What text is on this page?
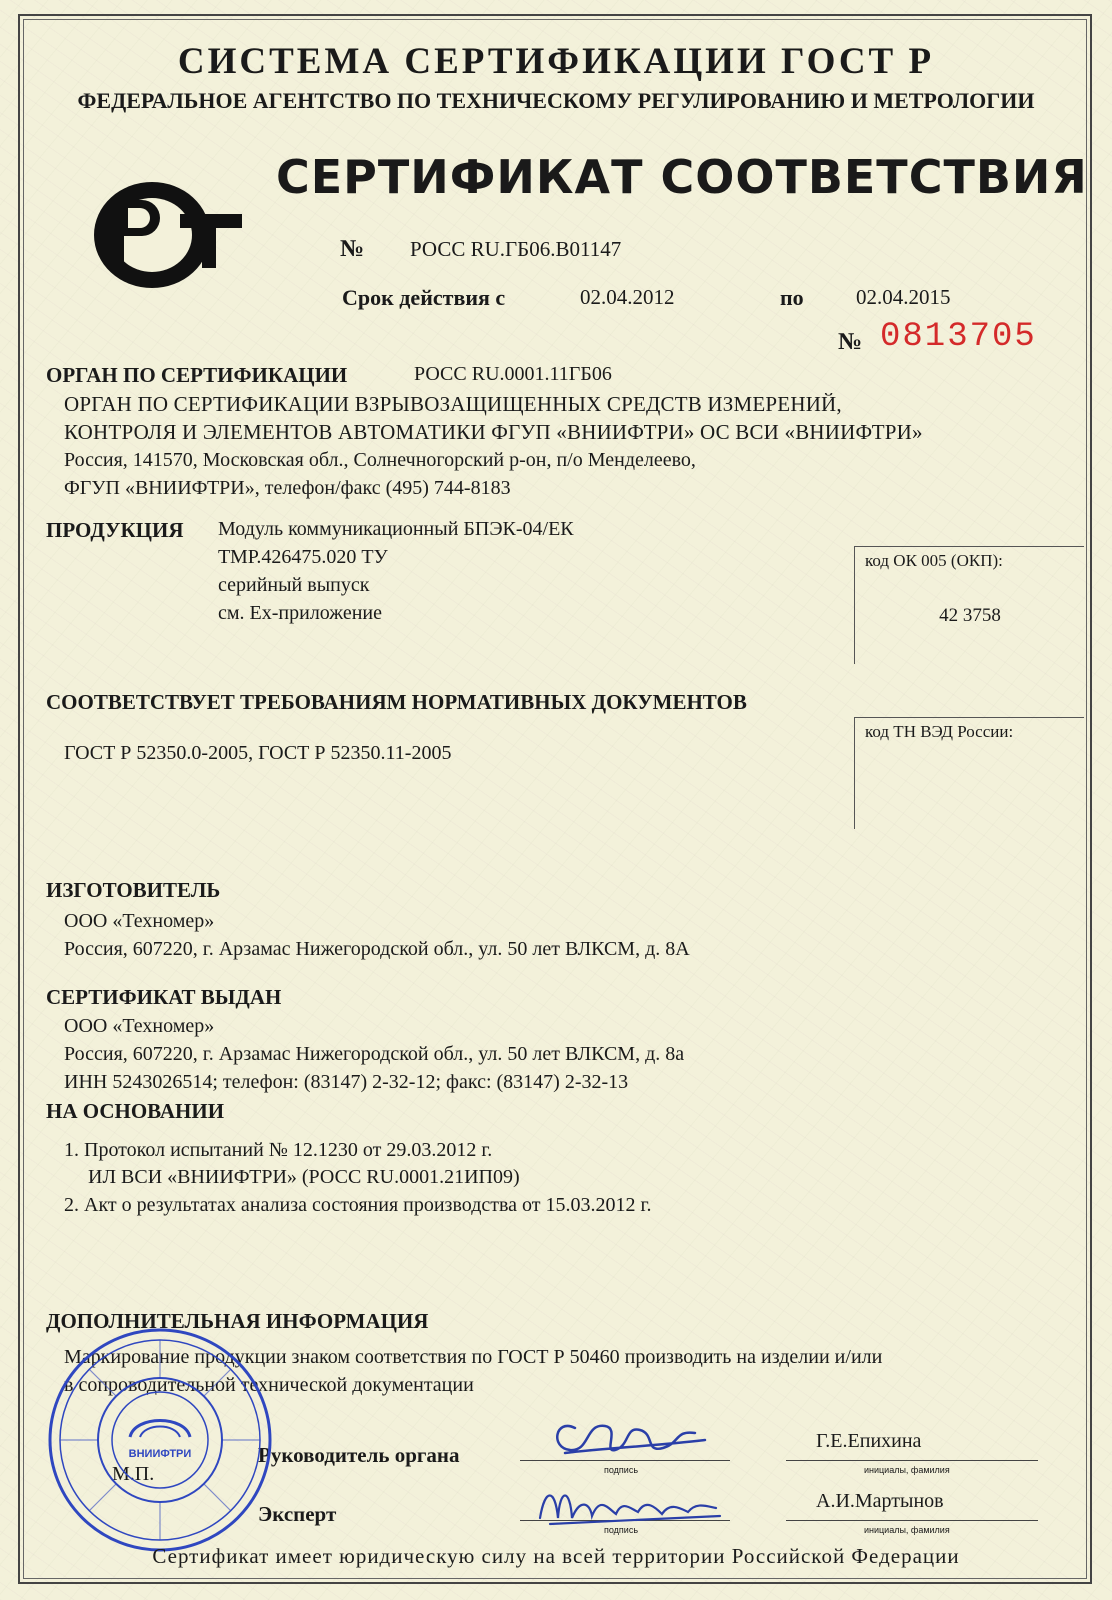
СИСТЕМА СЕРТИФИКАЦИИ ГОСТ Р
ФЕДЕРАЛЬНОЕ АГЕНТСТВО ПО ТЕХНИЧЕСКОМУ РЕГУЛИРОВАНИЮ И МЕТРОЛОГИИ
СЕРТИФИКАТ СООТВЕТСТВИЯ
№ РОСС RU.ГБ06.В01147
Срок действия с	02.04.2012	по 02.04.2015
№ 0813705
ОРГАН ПО СЕРТИФИКАЦИИ	РОСС RU.0001.11ГБ06
ОРГАН ПО СЕРТИФИКАЦИИ ВЗРЫВОЗАЩИЩЕННЫХ СРЕДСТВ ИЗМЕРЕНИЙ,
КОНТРОЛЯ И ЭЛЕМЕНТОВ АВТОМАТИКИ ФГУП «ВНИИФТРИ» ОС ВСИ «ВНИИФТРИ»
Россия, 141570, Московская обл., Солнечногорский р-он, п/о Менделеево,
ФГУП «ВНИИФТРИ», телефон/факс (495) 744-8183
ПРОДУКЦИЯ Модуль коммуникационный БПЭК-04/ЕК
ТМР.426475.020 ТУ
серийный выпуск
см. Ех-приложение
код ОК 005 (ОКП):
42 3758
СООТВЕТСТВУЕТ ТРЕБОВАНИЯМ НОРМАТИВНЫХ ДОКУМЕНТОВ
ГОСТ Р 52350.0-2005, ГОСТ Р 52350.11-2005
код ТН ВЭД России:
ИЗГОТОВИТЕЛЬ
ООО «Техномер»
Россия, 607220, г. Арзамас Нижегородской обл., ул. 50 лет ВЛКСМ, д. 8А
СЕРТИФИКАТ ВЫДАН
ООО «Техномер»
Россия, 607220, г. Арзамас Нижегородской обл., ул. 50 лет ВЛКСМ, д. 8а
ИНН 5243026514; телефон: (83147) 2-32-12; факс: (83147) 2-32-13
НА ОСНОВАНИИ
1. Протокол испытаний № 12.1230 от 29.03.2012 г.
ИЛ ВСИ «ВНИИФТРИ» (РОСС RU.0001.21ИП09)
2. Акт о результатах анализа состояния производства от 15.03.2012 г.
ДОПОЛНИТЕЛЬНАЯ ИНФОРМАЦИЯ
Маркирование продукции знаком соответствия по ГОСТ Р 50460 производить на изделии и/или
в сопроводительной технической документации
Руководитель органа
подпись
Г.Е.Епихина
инициалы, фамилия
М.П.
Эксперт
подпись
А.И.Мартынов
инициалы, фамилия
ВНИИФТРИ
Сертификат имеет юридическую силу на всей территории Российской Федерации
